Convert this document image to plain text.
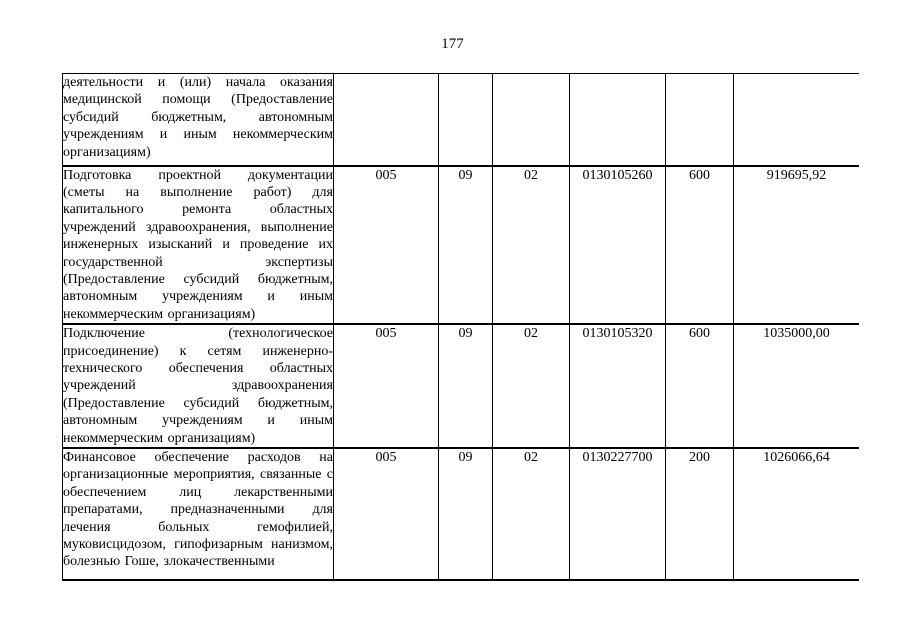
177
деятельности и (или) начала оказания медицинской помощи (Предоставление субсидий бюджетным, автономным учреждениям и иным некоммерческим организациям)						
Подготовка проектной документации (сметы на выполнение работ) для капитального ремонта областных учреждений здравоохранения, выполнение инженерных изысканий и проведение их государственной экспертизы (Предоставление субсидий бюджетным, автономным учреждениям и иным некоммерческим организациям)	005	09	02	0130105260	600	919695,92
Подключение (технологическое присоединение) к сетям инженерно-технического обеспечения областных учреждений здравоохранения (Предоставление субсидий бюджетным, автономным учреждениям и иным некоммерческим организациям)	005	09	02	0130105320	600	1035000,00
Финансовое обеспечение расходов на организационные мероприятия, связанные с обеспечением лиц лекарственными препаратами, предназначенными для лечения больных гемофилией, муковисцидозом, гипофизарным нанизмом, болезнью Гоше, злокачественными	005	09	02	0130227700	200	1026066,64
